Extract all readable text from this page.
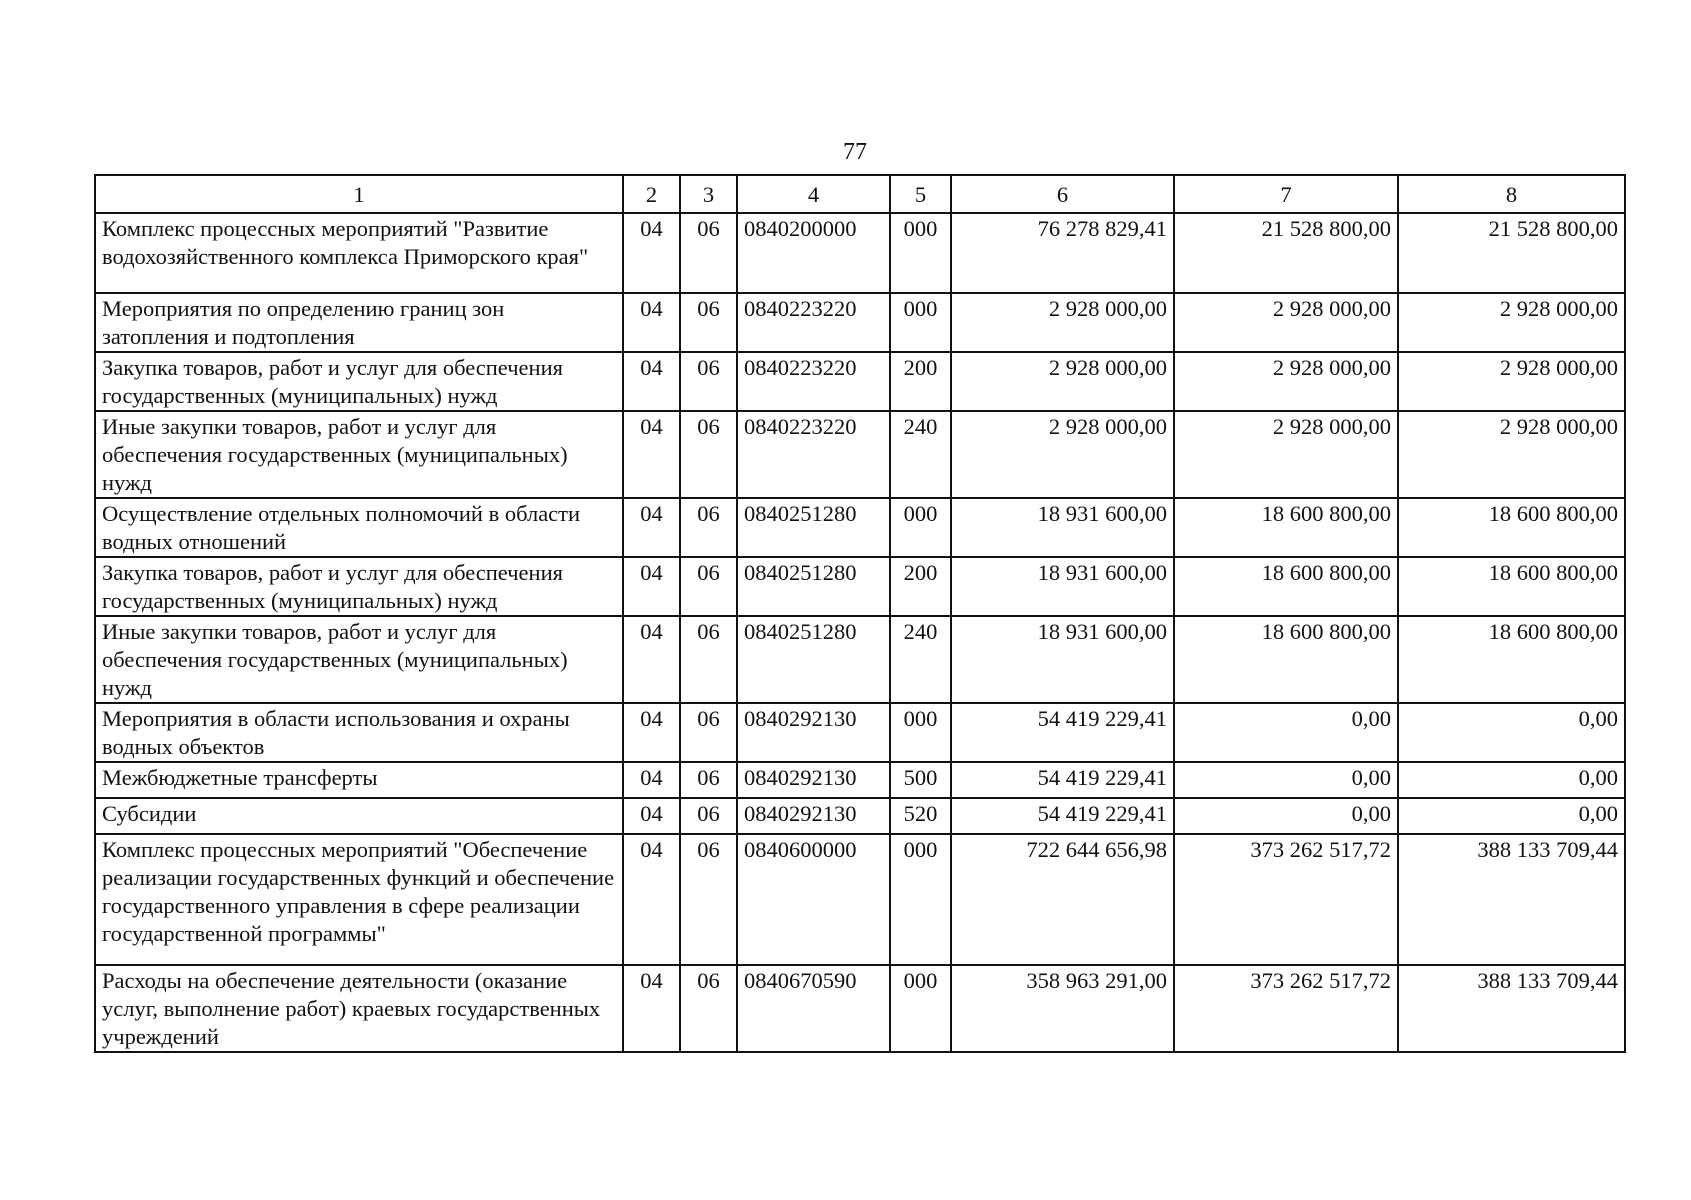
77
1	2	3	4	5	6	7	8
Комплекс процессных мероприятий "Развитие водохозяйственного комплекса Приморского края"	04	06	0840200000	000	76 278 829,41	21 528 800,00	21 528 800,00
Мероприятия по определению границ зон затопления и подтопления	04	06	0840223220	000	2 928 000,00	2 928 000,00	2 928 000,00
Закупка товаров, работ и услуг для обеспечения государственных (муниципальных) нужд	04	06	0840223220	200	2 928 000,00	2 928 000,00	2 928 000,00
Иные закупки товаров, работ и услуг для обеспечения государственных (муниципальных) нужд	04	06	0840223220	240	2 928 000,00	2 928 000,00	2 928 000,00
Осуществление отдельных полномочий в области водных отношений	04	06	0840251280	000	18 931 600,00	18 600 800,00	18 600 800,00
Закупка товаров, работ и услуг для обеспечения государственных (муниципальных) нужд	04	06	0840251280	200	18 931 600,00	18 600 800,00	18 600 800,00
Иные закупки товаров, работ и услуг для обеспечения государственных (муниципальных) нужд	04	06	0840251280	240	18 931 600,00	18 600 800,00	18 600 800,00
Мероприятия в области использования и охраны водных объектов	04	06	0840292130	000	54 419 229,41	0,00	0,00
Межбюджетные трансферты	04	06	0840292130	500	54 419 229,41	0,00	0,00
Субсидии	04	06	0840292130	520	54 419 229,41	0,00	0,00
Комплекс процессных мероприятий "Обеспечение реализации государственных функций и обеспечение государственного управления в сфере реализации государственной программы"	04	06	0840600000	000	722 644 656,98	373 262 517,72	388 133 709,44
Расходы на обеспечение деятельности (оказание услуг, выполнение работ) краевых государственных учреждений	04	06	0840670590	000	358 963 291,00	373 262 517,72	388 133 709,44
